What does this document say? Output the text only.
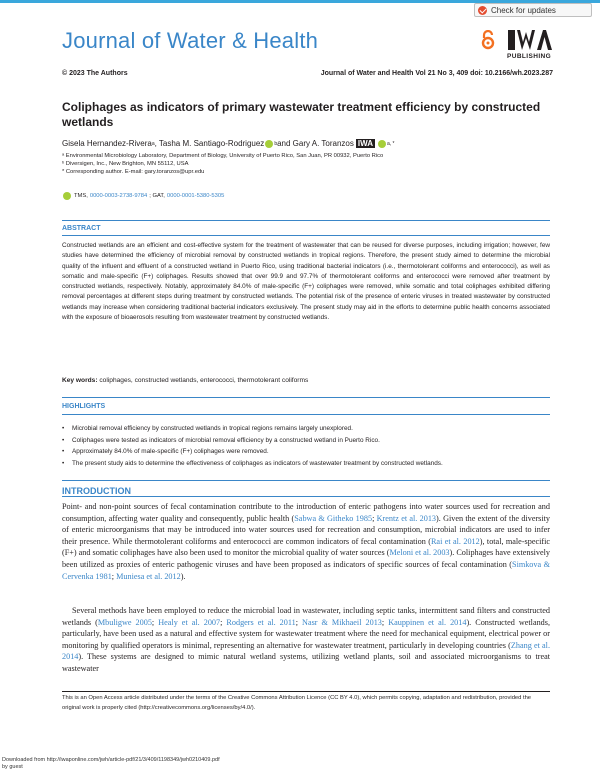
Check for updates
Journal of Water & Health
PUBLISHING
© 2023 The Authors	Journal of Water and Health Vol 21 No 3, 409 doi: 10.2166/wh.2023.287
Coliphages as indicators of primary wastewater treatment efficiency by constructed wetlands
Gisela Hernandez-Rivera a , Tasha M. Santiago-Rodriguez b and Gary A. Toranzos IWA	a, *
ᵃ Environmental Microbiology Laboratory, Department of Biology, University of Puerto Rico, San Juan, PR 00932, Puerto Rico
ᵇ Diversigen, Inc., New Brighton, MN 55112, USA
* Corresponding author. E-mail: gary.toranzos@upr.edu
TMS, 0000-0003-2738-9784 ; GAT, 0000-0001-5380-5305
ABSTRACT
Constructed wetlands are an efficient and cost-effective system for the treatment of wastewater that can be reused for diverse purposes, including irrigation; however, few studies have determined the efficiency of microbial removal by constructed wetlands in tropical regions. Therefore, the present study aimed to determine the microbial quality of the influent and effluent of a constructed wetland in Puerto Rico, using traditional bacterial indicators (i.e., thermotolerant coliforms and enterococci), as well as somatic and male-specific (F+) coliphages. Results showed that over 99.9 and 97.7% of thermotolerant coliforms and enterococci were removed after treatment by constructed wetlands, respectively. Notably, approximately 84.0% of male-specific (F+) coliphages were removed, while somatic and total coliphages exhibited differing removal percentages at different steps during treatment by constructed wetlands. The potential risk of the presence of enteric viruses in treated wastewater by constructed wetlands may increase when considering traditional bacterial indicators exclusively. The present study may aid in the efforts to determine public health concerns associated with the exposure of bioaerosols resulting from wastewater treatment by constructed wetlands.
Key words: coliphages, constructed wetlands, enterococci, thermotolerant coliforms
HIGHLIGHTS
• Microbial removal efficiency by constructed wetlands in tropical regions remains largely unexplored.
• Coliphages were tested as indicators of microbial removal efficiency by a constructed wetland in Puerto Rico.
• Approximately 84.0% of male-specific (F+) coliphages were removed.
• The present study aids to determine the effectiveness of coliphages as indicators of wastewater treatment by constructed wetlands.
INTRODUCTION

Point- and non-point sources of fecal contamination contribute to the introduction of enteric pathogens into water sources used for recreation and consumption, affecting water quality and consequently, public health (Sabwa & Githeko 1985; Krentz et al. 2013). Given the extent of the diversity of enteric microorganisms that may be introduced into water sources used for recreation and consumption, microbial indicators are used to infer their presence. While thermotolerant coliforms and enterococci are common indicators of fecal contamination (Rai et al. 2012), total, male-specific (F+) and somatic coliphages have also been used to monitor the microbial quality of water sources (Meloni et al. 2003). Coliphages have extensively been utilized as proxies of enteric pathogenic viruses and have been proposed as indicators of specific sources of fecal contamination (Simkova & Cervenka 1981; Muniesa et al. 2012).

Several methods have been employed to reduce the microbial load in wastewater, including septic tanks, intermittent sand filters and constructed wetlands (Mbuligwe 2005; Healy et al. 2007; Rodgers et al. 2011; Nasr & Mikhaeil 2013; Kauppinen et al. 2014). Constructed wetlands, particularly, have been used as a natural and effective system for wastewater treatment where the need for mechanical equipment, electrical power or monitoring by qualified operators is minimal, representing an alternative for wastewater treatment, particularly in developing countries (Zhang et al. 2014). These systems are designed to mimic natural wetland systems, utilizing wetland plants, soil and associated microorganisms to treat wastewater

This is an Open Access article distributed under the terms of the Creative Commons Attribution Licence (CC BY 4.0), which permits copying, adaptation and redistribution, provided the original work is properly cited (http://creativecommons.org/licenses/by/4.0/).
Downloaded from http://iwaponline.com/jwh/article-pdf/21/3/409/1198349/jwh0210409.pdf
by guest
